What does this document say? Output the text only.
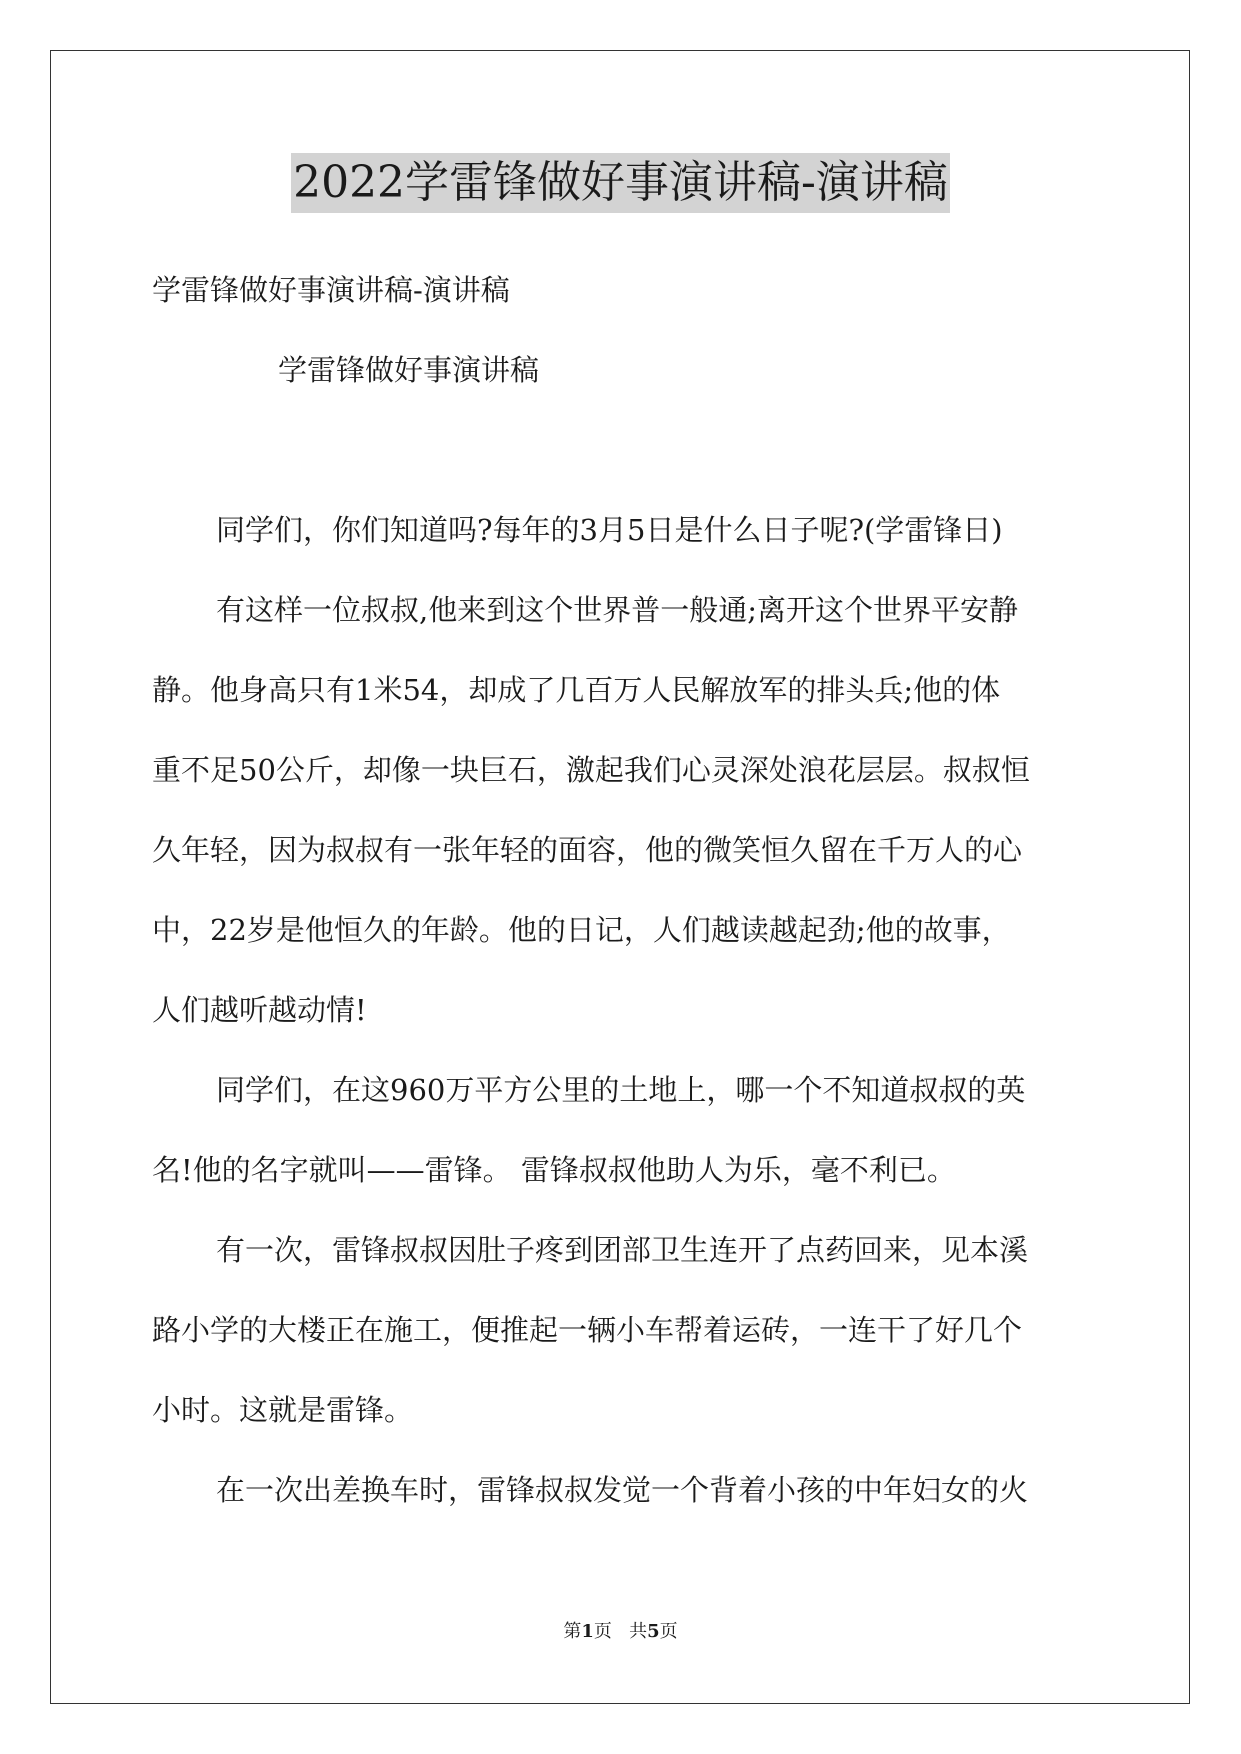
2022学雷锋做好事演讲稿-演讲稿
学雷锋做好事演讲稿-演讲稿
学雷锋做好事演讲稿
同学们，你们知道吗?每年的3月5日是什么日子呢?(学雷锋日)
有这样一位叔叔,他来到这个世界普一般通;离开这个世界平安静
静。他身高只有1米54，却成了几百万人民解放军的排头兵;他的体
重不足50公斤，却像一块巨石，激起我们心灵深处浪花层层。叔叔恒
久年轻，因为叔叔有一张年轻的面容，他的微笑恒久留在千万人的心
中，22岁是他恒久的年龄。他的日记，人们越读越起劲;他的故事，
人们越听越动情!
同学们，在这960万平方公里的土地上，哪一个不知道叔叔的英
名!他的名字就叫——雷锋。 雷锋叔叔他助人为乐，毫不利已。
有一次，雷锋叔叔因肚子疼到团部卫生连开了点药回来，见本溪
路小学的大楼正在施工，便推起一辆小车帮着运砖，一连干了好几个
小时。这就是雷锋。
在一次出差换车时，雷锋叔叔发觉一个背着小孩的中年妇女的火
第1页 共5页
